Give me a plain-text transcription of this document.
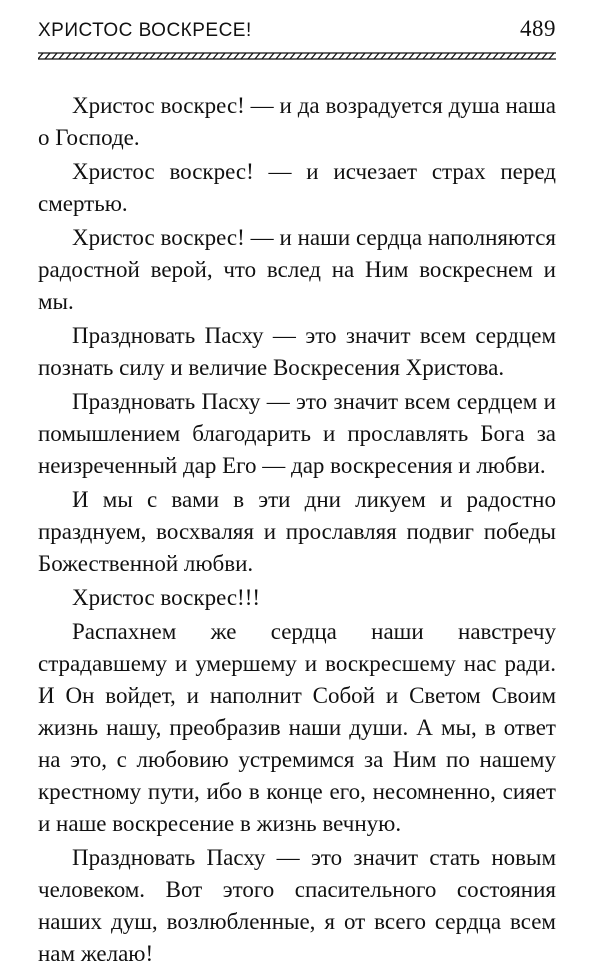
ХРИСТОС ВОСКРЕСЕ!	489

Христос воскрес! — и да возрадуется душа наша о Господе.

Христос воскрес! — и исчезает страх перед смертью.

Христос воскрес! — и наши сердца наполняются радостной верой, что вслед на Ним воскреснем и мы.

Праздновать Пасху — это значит всем сердцем познать силу и величие Воскресения Христова.

Праздновать Пасху — это значит всем сердцем и помышлением благодарить и прославлять Бога за неизреченный дар Его — дар воскресения и любви.

И мы с вами в эти дни ликуем и радостно празднуем, восхваляя и прославляя подвиг победы Божественной любви.

Христос воскрес!!!

Распахнем же сердца наши навстречу страдавшему и умершему и воскресшему нас ради. И Он войдет, и наполнит Собой и Светом Своим жизнь нашу, преобразив наши души. А мы, в ответ на это, с любовию устремимся за Ним по нашему крестному пути, ибо в конце его, несомненно, сияет и наше воскресение в жизнь вечную.

Праздновать Пасху — это значит стать новым человеком. Вот этого спасительного состояния наших душ, возлюбленные, я от всего сердца всем нам желаю!
